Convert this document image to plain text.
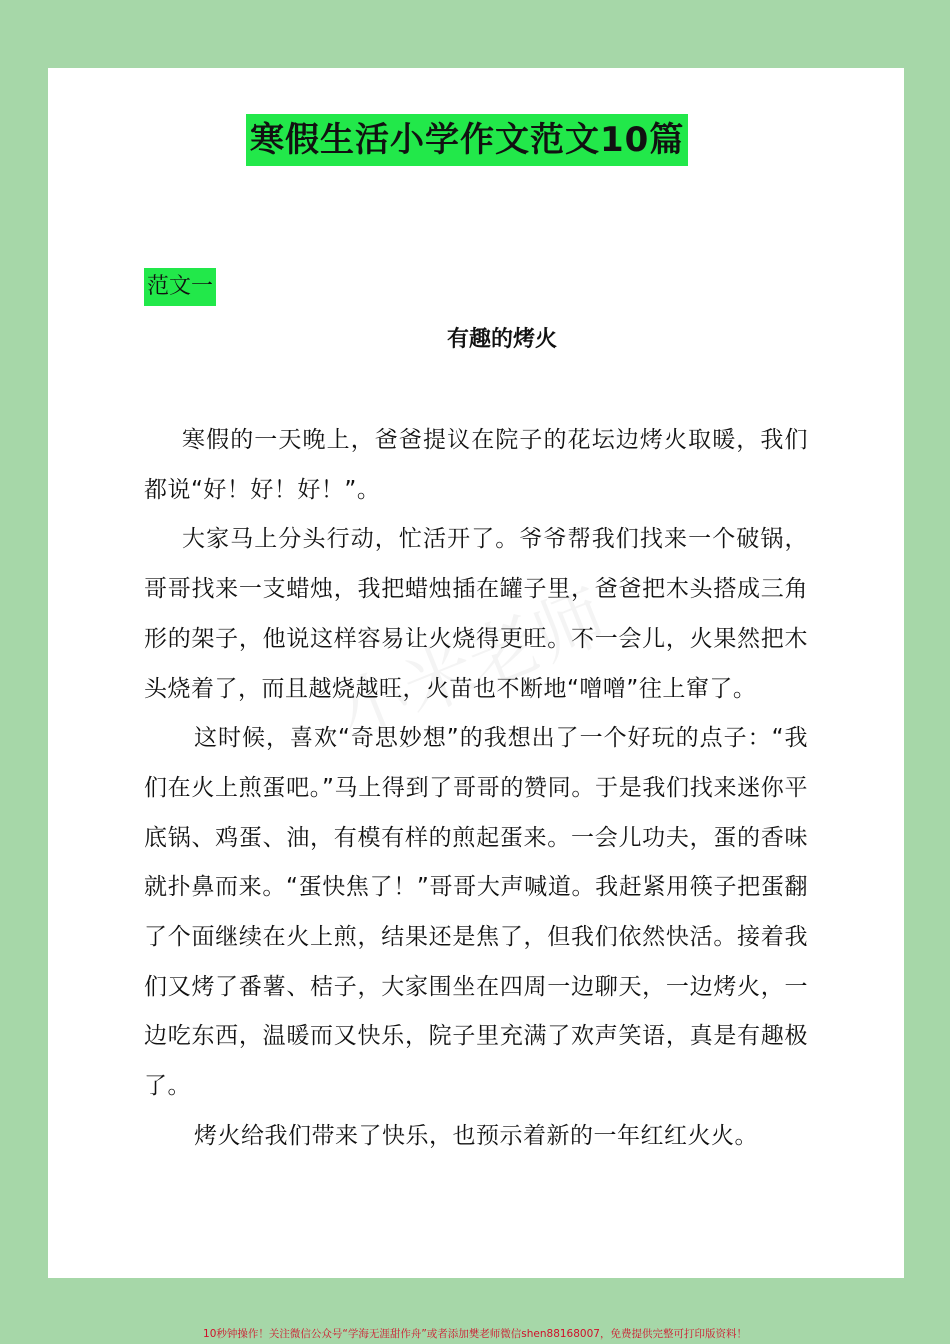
寒假生活小学作文范文10篇
范文一
有趣的烤火

寒假的一天晚上，爸爸提议在院子的花坛边烤火取暖，我们都说“好！好！好！”。

大家马上分头行动，忙活开了。爷爷帮我们找来一个破锅，哥哥找来一支蜡烛，我把蜡烛插在罐子里，爸爸把木头搭成三角形的架子，他说这样容易让火烧得更旺。不一会儿，火果然把木头烧着了，而且越烧越旺，火苗也不断地“噌噌”往上窜了。

这时候，喜欢“奇思妙想”的我想出了一个好玩的点子：“我们在火上煎蛋吧。”马上得到了哥哥的赞同。于是我们找来迷你平底锅、鸡蛋、油，有模有样的煎起蛋来。一会儿功夫，蛋的香味就扑鼻而来。“蛋快焦了！”哥哥大声喊道。我赶紧用筷子把蛋翻了个面继续在火上煎，结果还是焦了，但我们依然快活。接着我们又烤了番薯、桔子，大家围坐在四周一边聊天，一边烤火，一边吃东西，温暖而又快乐，院子里充满了欢声笑语，真是有趣极了。

烤火给我们带来了快乐，也预示着新的一年红红火火。

10秒钟操作！关注微信公众号“学海无涯甜作舟”或者添加樊老师微信shen88168007，免费提供完整可打印版资料！
